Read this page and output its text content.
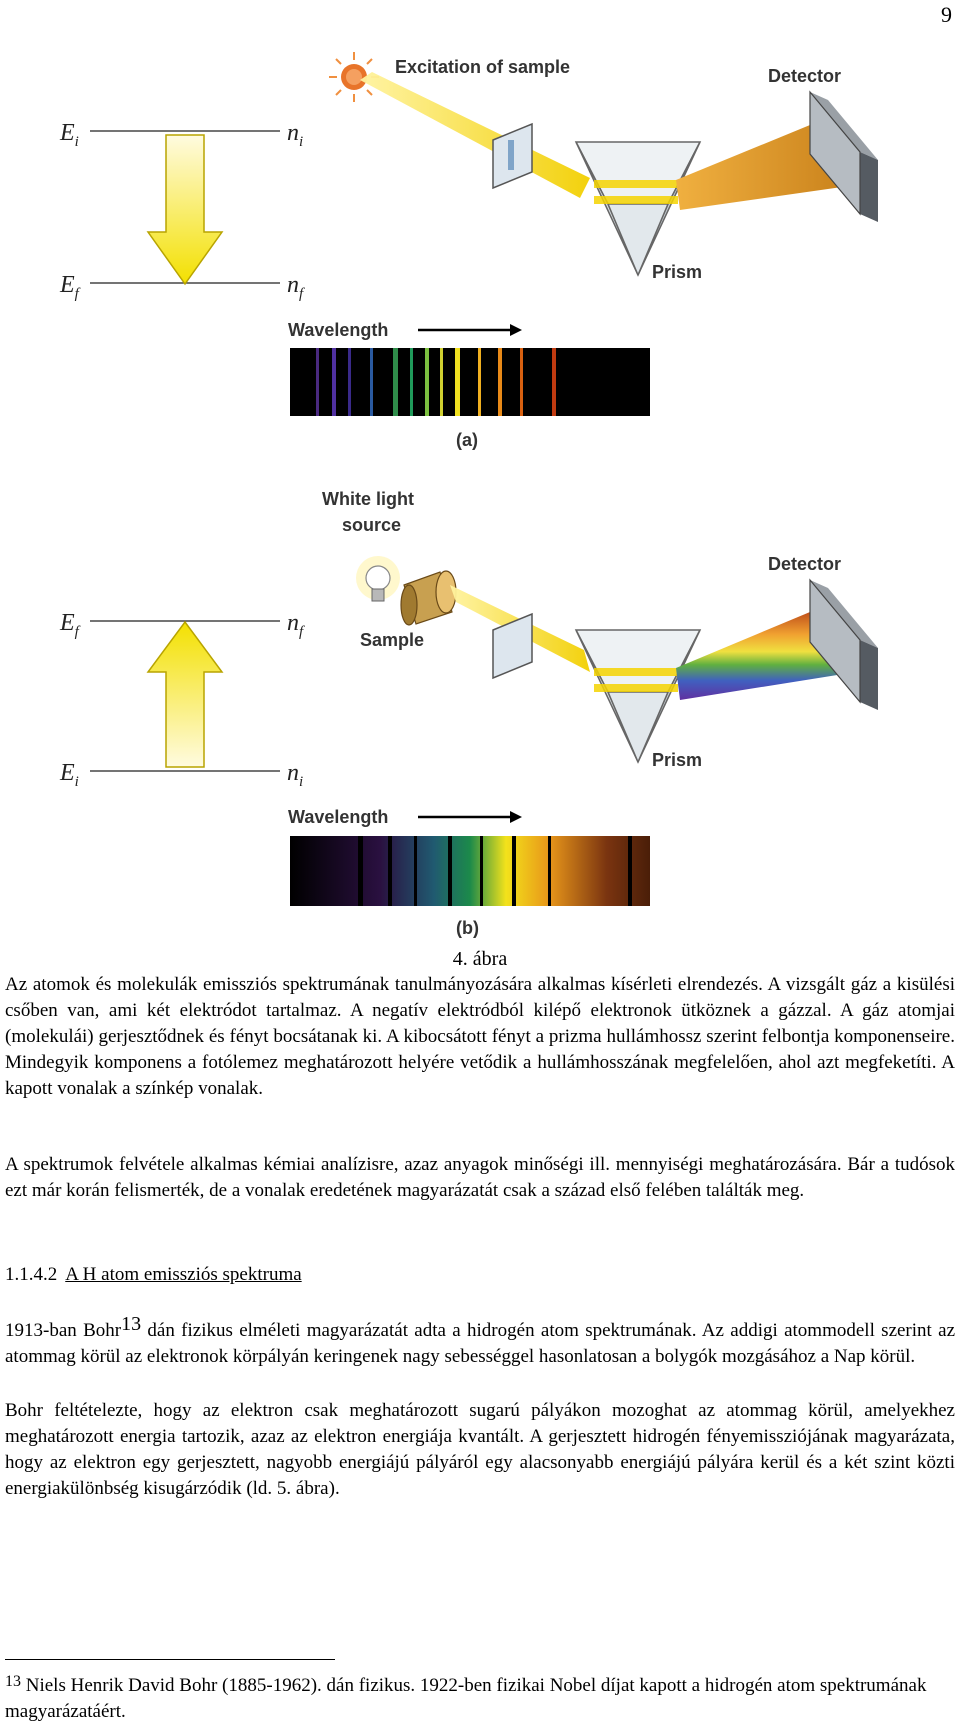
9
$E_i$	$n_i$
$E_f$	$n_f$
Excitation of sample
Prism
Detector
Wavelength
(a)
$E_f$	$n_f$
$E_i$	$n_i$
White light
source
Sample
Prism
Detector
Wavelength
(b)
4. ábra

Az atomok és molekulák emissziós spektrumának tanulmányozására alkalmas kísérleti elrendezés. A vizsgált gáz a kisülési csőben van, ami két elektródot tartalmaz. A negatív elektródból kilépő elektronok ütköznek a gázzal. A gáz atomjai (molekulái) gerjesztődnek és fényt bocsátanak ki. A kibocsátott fényt a prizma hullámhossz szerint felbontja komponenseire. Mindegyik komponens a fotólemez meghatározott helyére vetődik a hullámhosszának megfelelően, ahol azt megfeketíti. A kapott vonalak a színkép vonalak.

A spektrumok felvétele alkalmas kémiai analízisre, azaz anyagok minőségi ill. mennyiségi meghatározására. Bár a tudósok ezt már korán felismerték, de a vonalak eredetének magyarázatát csak a század első felében találták meg.

1.1.4.2 A H atom emissziós spektruma

1913-ban Bohr$^{13}$ dán fizikus elméleti magyarázatát adta a hidrogén atom spektrumának. Az addigi atommodell szerint az atommag körül az elektronok körpályán keringenek nagy sebességgel hasonlatosan a bolygók mozgásához a Nap körül.

Bohr feltételezte, hogy az elektron csak meghatározott sugarú pályákon mozoghat az atommag körül, amelyekhez meghatározott energia tartozik, azaz az elektron energiája kvantált. A gerjesztett hidrogén fényemissziójának magyarázata, hogy az elektron egy gerjesztett, nagyobb energiájú pályáról egy alacsonyabb energiájú pályára kerül és a két szint közti energiakülönbség kisugárzódik (ld. 5. ábra).

$^{13}$ Niels Henrik David Bohr (1885-1962). dán fizikus. 1922-ben fizikai Nobel díjat kapott a hidrogén atom spektrumának magyarázatáért.
